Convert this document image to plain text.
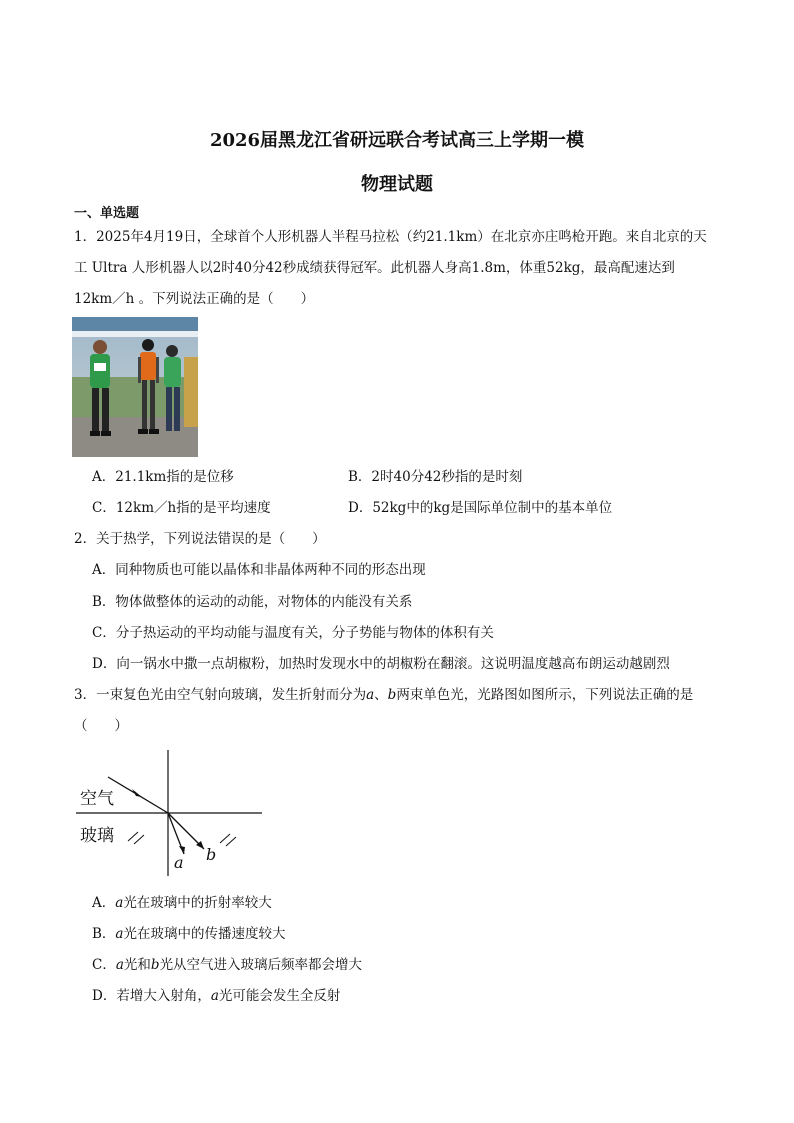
2026届黑龙江省研远联合考试高三上学期一模
物理试题
一、单选题
1．2025年4月19日，全球首个人形机器人半程马拉松（约21.1km）在北京亦庄鸣枪开跑。来自北京的天
工 Ultra 人形机器人以2时40分42秒成绩获得冠军。此机器人身高1.8m，体重52kg，最高配速达到
12km／h 。下列说法正确的是（　　）
A．21.1km指的是位移	B．2时40分42秒指的是时刻
C．12km／h指的是平均速度	D．52kg中的kg是国际单位制中的基本单位
2．关于热学，下列说法错误的是（　　）
A．同种物质也可能以晶体和非晶体两种不同的形态出现
B．物体做整体的运动的动能，对物体的内能没有关系
C．分子热运动的平均动能与温度有关，分子势能与物体的体积有关
D．向一锅水中撒一点胡椒粉，加热时发现水中的胡椒粉在翻滚。这说明温度越高布朗运动越剧烈
3．一束复色光由空气射向玻璃，发生折射而分为a、b两束单色光，光路图如图所示，下列说法正确的是
（　　）
空气
玻璃
a b
A．a光在玻璃中的折射率较大
B．a光在玻璃中的传播速度较大
C．a光和b光从空气进入玻璃后频率都会增大
D．若增大入射角，a光可能会发生全反射
